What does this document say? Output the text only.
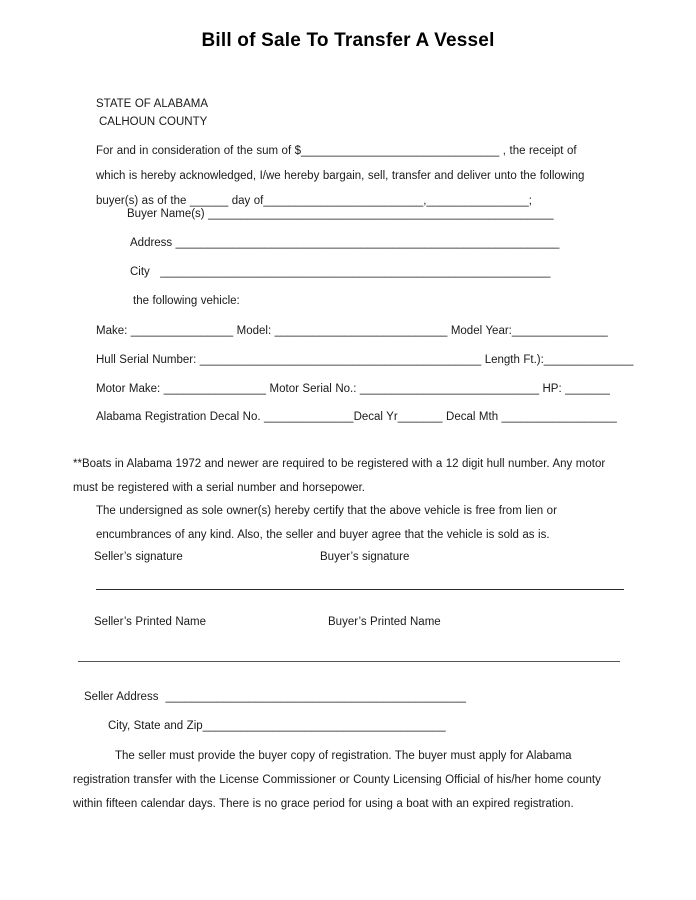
Bill of Sale To Transfer A Vessel
STATE OF ALABAMA
CALHOUN COUNTY
For and in consideration of the sum of $_______________________________ , the receipt of which is hereby acknowledged, I/we hereby bargain, sell, transfer and deliver unto the following buyer(s) as of the ______ day of_________________________,________________;
Buyer Name(s) ______________________________________________________
Address ____________________________________________________________
City   _____________________________________________________________
the following vehicle:
Make: ________________ Model: ___________________________ Model Year:_______________
Hull Serial Number: ____________________________________________ Length Ft.):______________
Motor Make: ________________ Motor Serial No.: ____________________________ HP: _______
Alabama Registration Decal No. ______________Decal Yr_______ Decal Mth __________________
**Boats in Alabama 1972 and newer are required to be registered with a 12 digit hull number. Any motor must be registered with a serial number and horsepower.
The undersigned as sole owner(s) hereby certify that the above vehicle is free from lien or encumbrances of any kind. Also, the seller and buyer agree that the vehicle is sold as is.
Seller’s signature	Buyer’s signature
Seller’s Printed Name	Buyer’s Printed Name
Seller Address  _______________________________________________
City, State and Zip______________________________________
The seller must provide the buyer copy of registration. The buyer must apply for Alabama registration transfer with the License Commissioner or County Licensing Official of his/her home county within fifteen calendar days. There is no grace period for using a boat with an expired registration.
